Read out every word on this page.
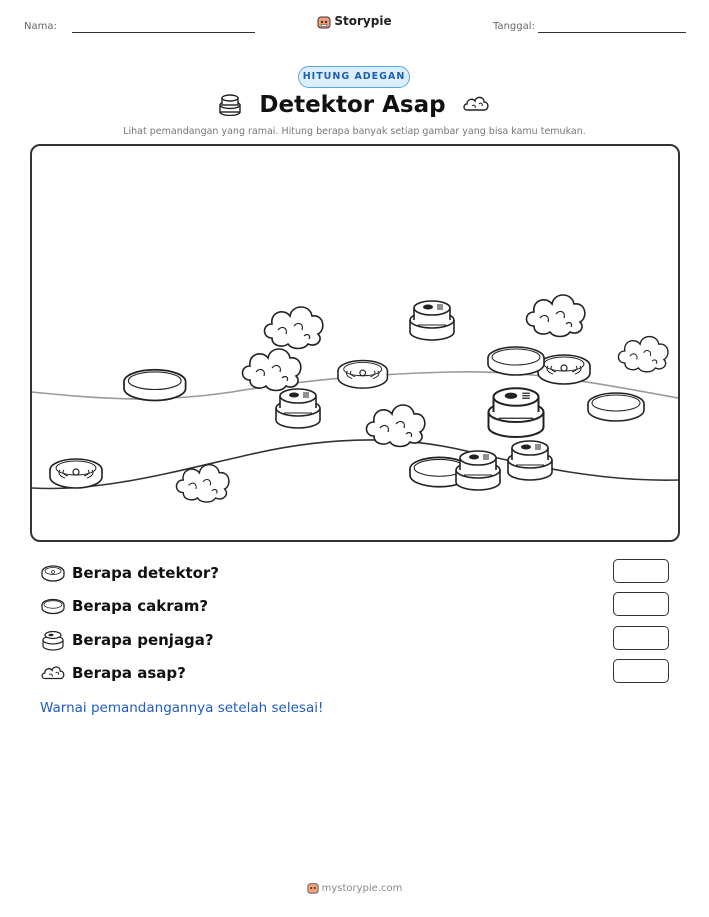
Nama:	Storypie	Tanggal:
HITUNG ADEGAN
Detektor Asap
Lihat pemandangan yang ramai. Hitung berapa banyak setiap gambar yang bisa kamu temukan.
Berapa detektor?
Berapa cakram?
Berapa penjaga?
Berapa asap?
Warnai pemandangannya setelah selesai!
mystorypie.com
